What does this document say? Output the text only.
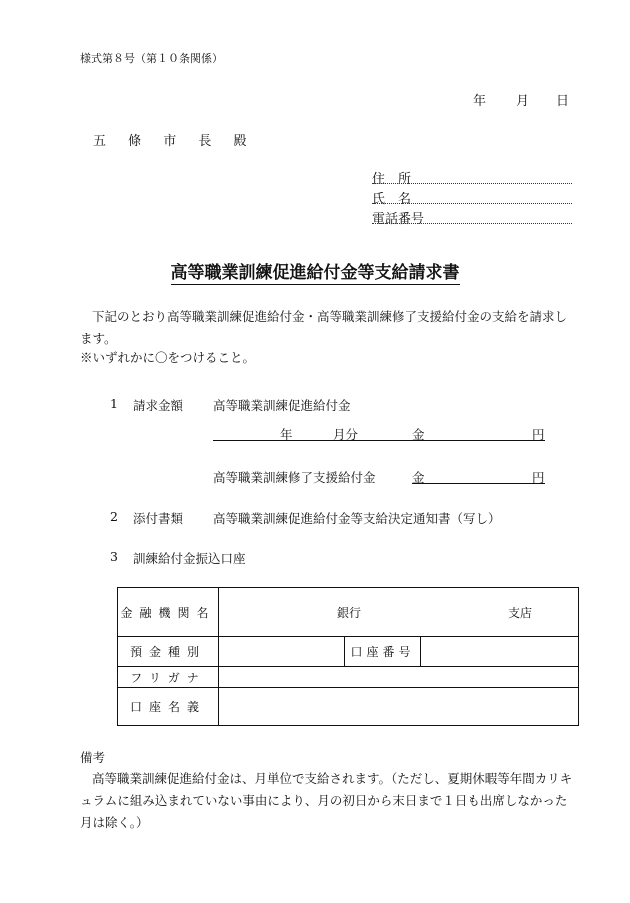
様式第８号（第１０条関係）
年 月 日
五 條 市 長 殿
住　所
氏　名
電話番号
高等職業訓練促進給付金等支給請求書
下記のとおり高等職業訓練促進給付金・高等職業訓練修了支援給付金の支給を請求します。
※いずれかに〇をつけること。
1 請求金額 高等職業訓練促進給付金
年	月分	金	円
高等職業訓練修了支援給付金	金	円
2 添付書類 高等職業訓練促進給付金等支給決定通知書（写し）
3 訓練給付金振込口座
金融機関名	銀行 支店		

預金種別		口座番号	
フリガナ			
口座名義			
備考
高等職業訓練促進給付金は、月単位で支給されます。（ただし、夏期休暇等年間カリキュラムに組み込まれていない事由により、月の初日から末日まで１日も出席しなかった月は除く。）
